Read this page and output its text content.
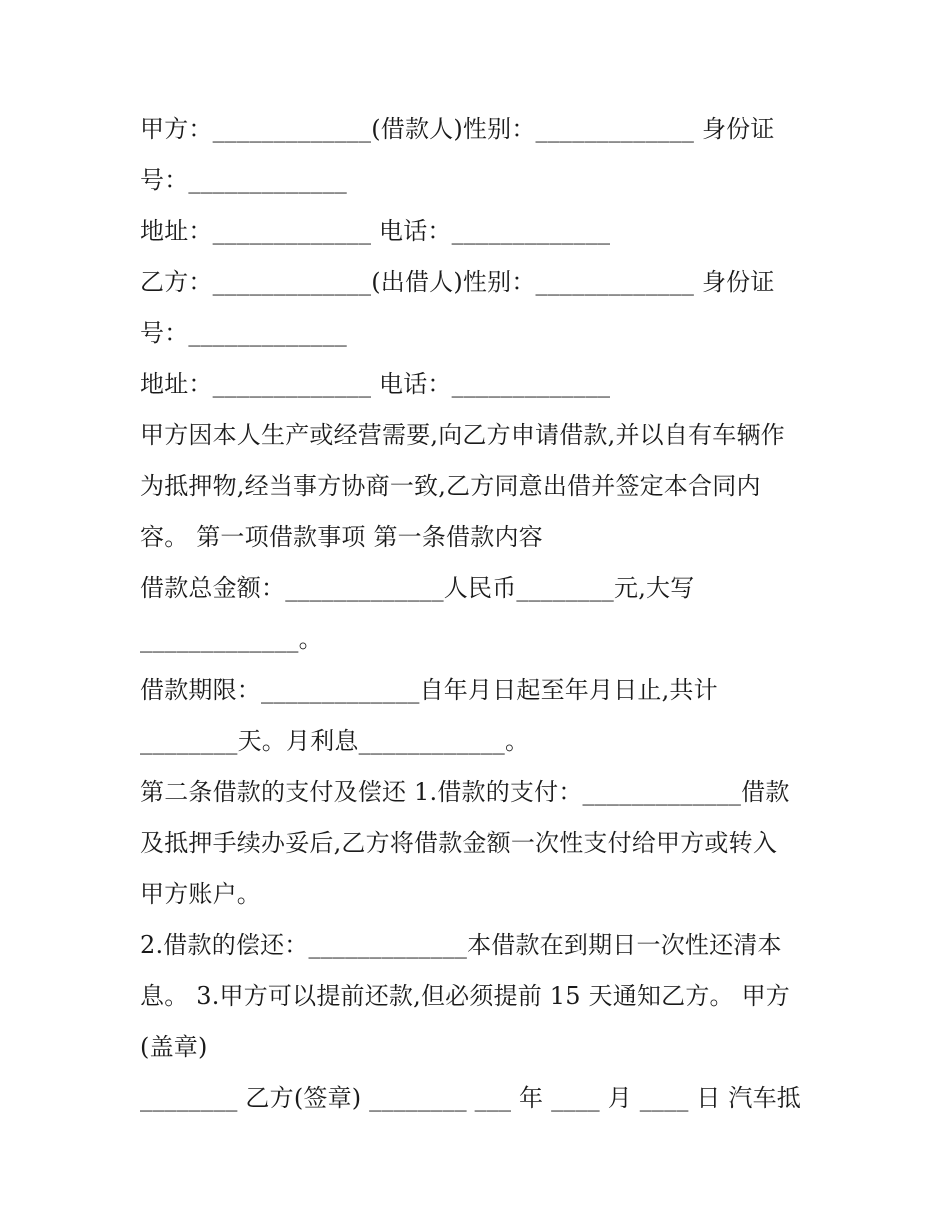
甲方：_____________(借款人)性别：_____________ 身份证
号：_____________
地址：_____________ 电话：_____________
乙方：_____________(出借人)性别：_____________ 身份证
号：_____________
地址：_____________ 电话：_____________
甲方因本人生产或经营需要,向乙方申请借款,并以自有车辆作
为抵押物,经当事方协商一致,乙方同意出借并签定本合同内
容。 第一项借款事项 第一条借款内容
借款总金额：_____________人民币________元,大写
_____________。
借款期限：_____________自年月日起至年月日止,共计
________天。月利息____________。
第二条借款的支付及偿还 1.借款的支付：_____________借款
及抵押手续办妥后,乙方将借款金额一次性支付给甲方或转入
甲方账户。
2.借款的偿还：_____________本借款在到期日一次性还清本
息。 3.甲方可以提前还款,但必须提前 15 天通知乙方。 甲方
(盖章)
________ 乙方(签章) ________ ___ 年 ____ 月 ____ 日 汽车抵
